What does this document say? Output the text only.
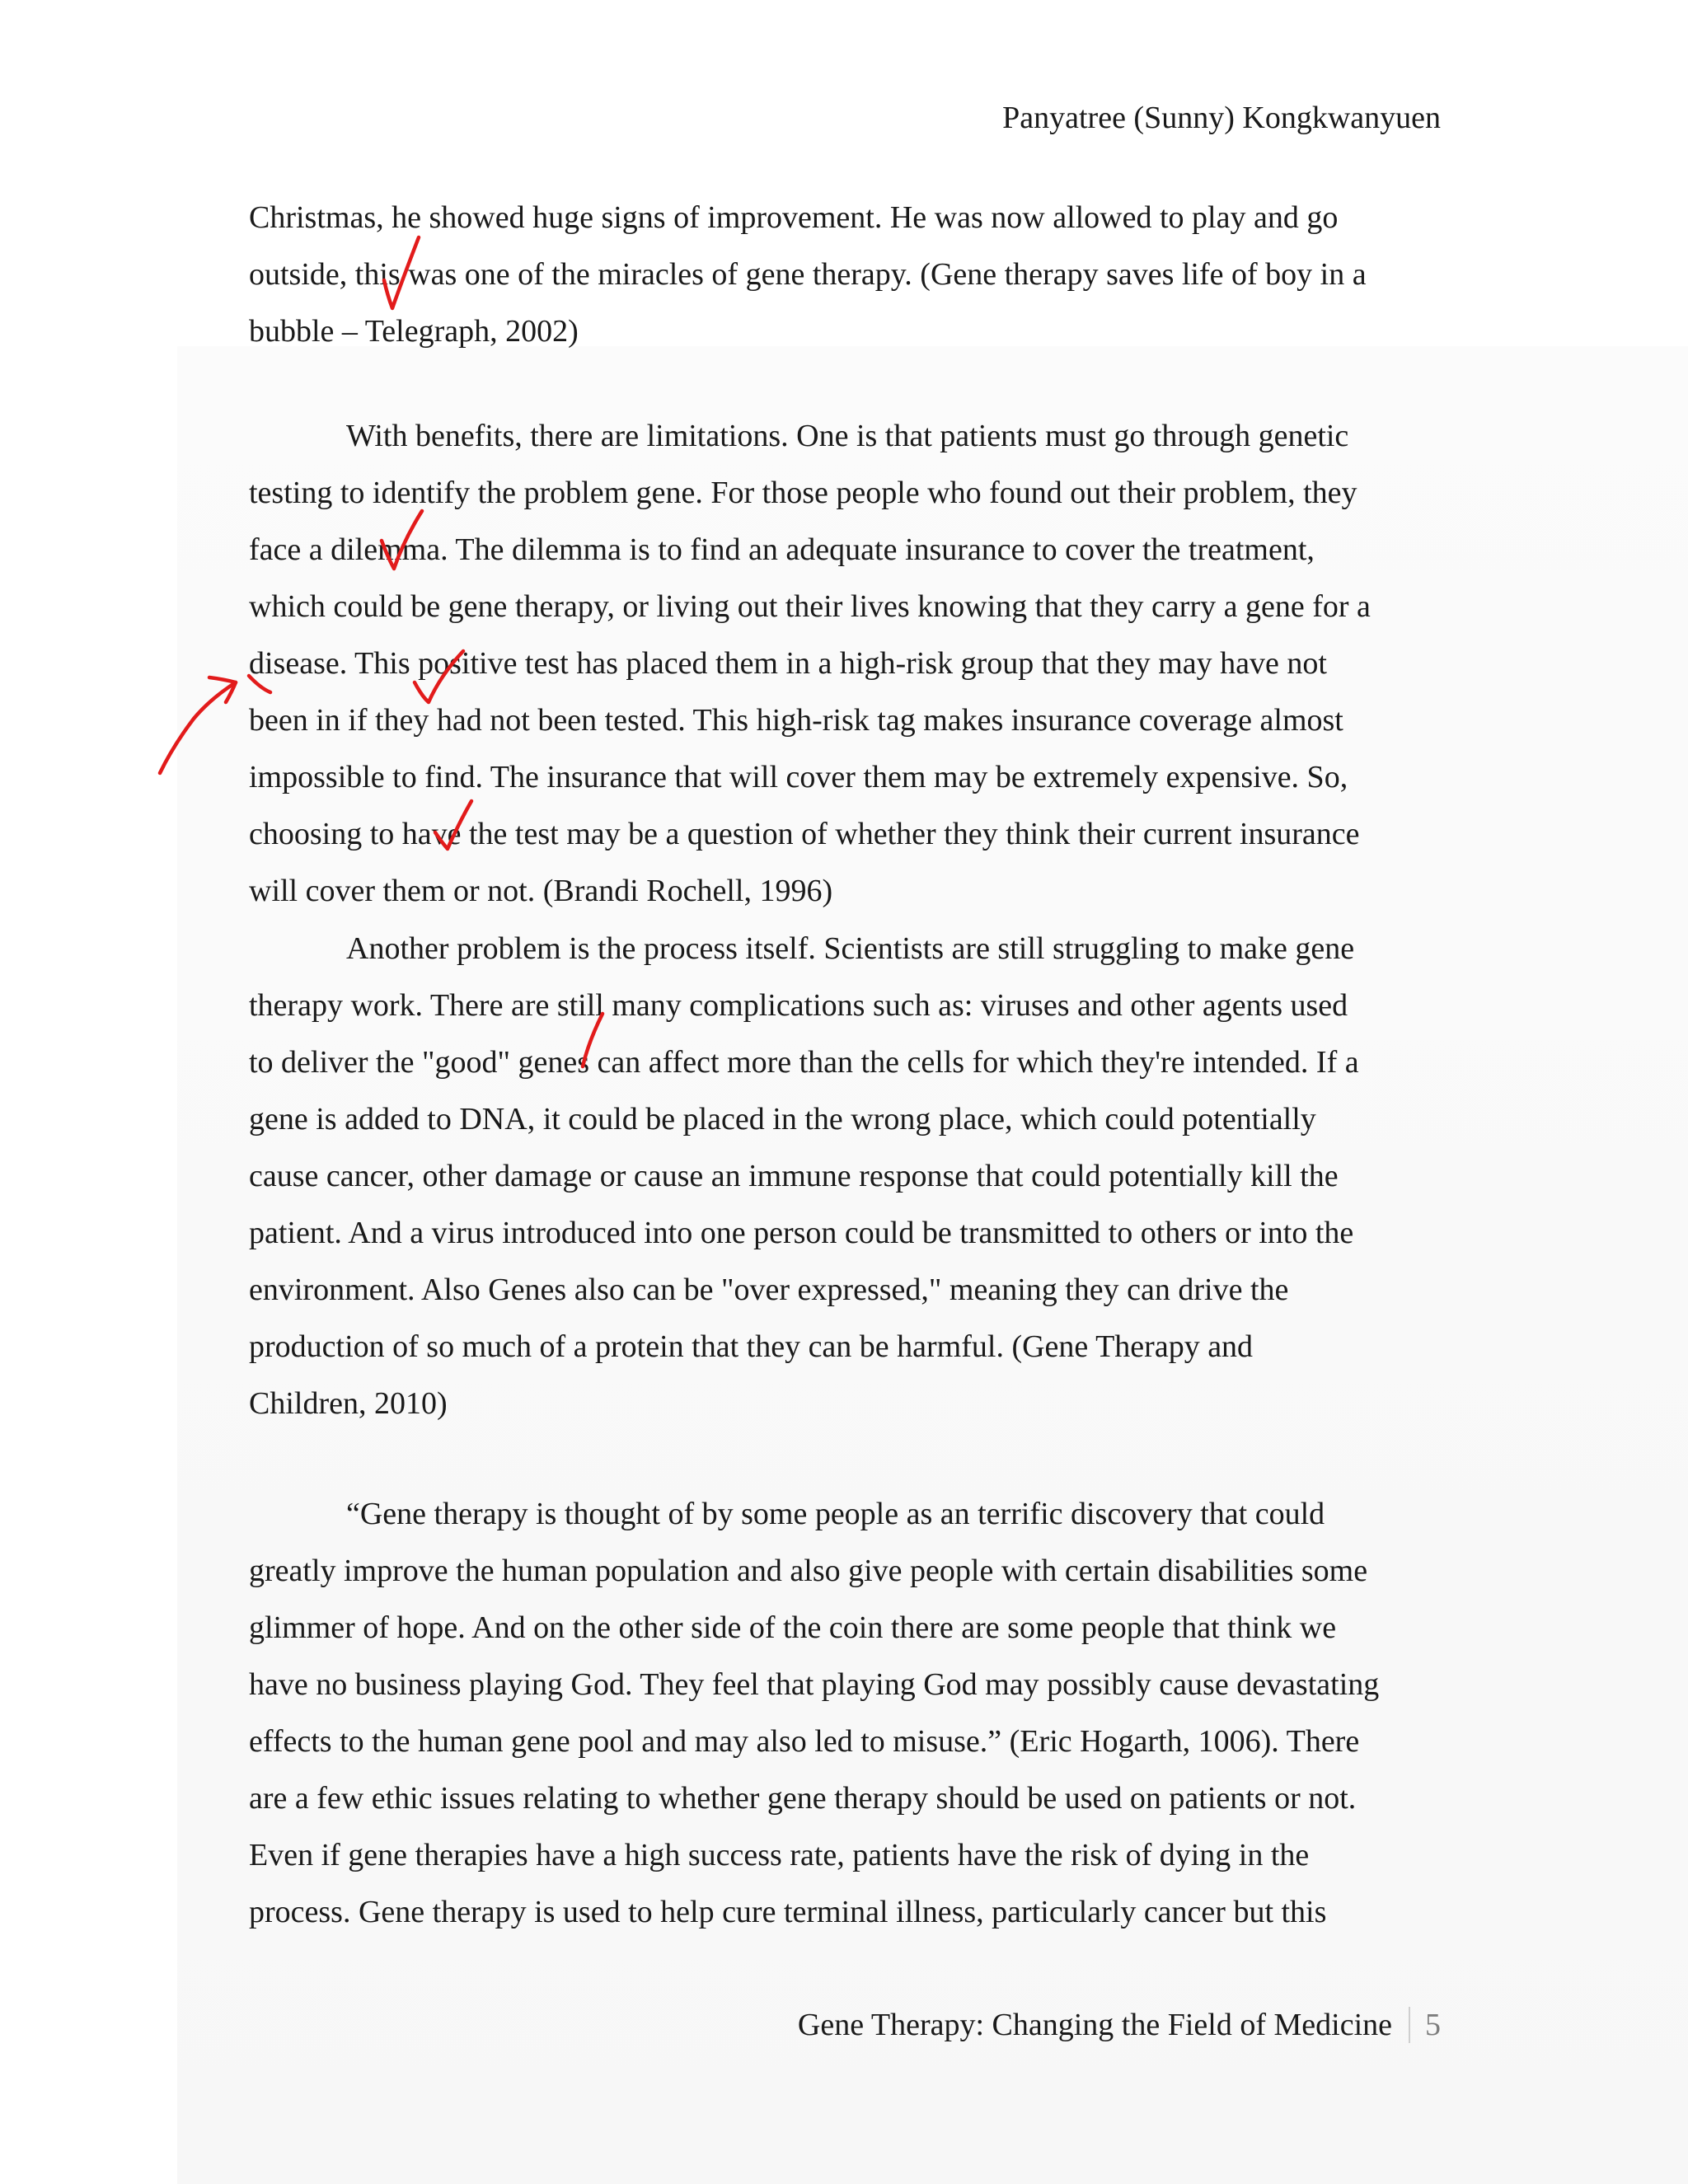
Panyatree (Sunny) Kongkwanyuen
Christmas, he showed huge signs of improvement. He was now allowed to play and go
outside, this was one of the miracles of gene therapy. (Gene therapy saves life of boy in a
bubble – Telegraph, 2002)
With benefits, there are limitations. One is that patients must go through genetic
testing to identify the problem gene. For those people who found out their problem, they
face a dilemma. The dilemma is to find an adequate insurance to cover the treatment,
which could be gene therapy, or living out their lives knowing that they carry a gene for a
disease. This positive test has placed them in a high-risk group that they may have not
been in if they had not been tested. This high-risk tag makes insurance coverage almost
impossible to find. The insurance that will cover them may be extremely expensive. So,
choosing to have the test may be a question of whether they think their current insurance
will cover them or not. (Brandi Rochell, 1996)
Another problem is the process itself. Scientists are still struggling to make gene
therapy work. There are still many complications such as: viruses and other agents used
to deliver the "good" genes can affect more than the cells for which they're intended. If a
gene is added to DNA, it could be placed in the wrong place, which could potentially
cause cancer, other damage or cause an immune response that could potentially kill the
patient. And a virus introduced into one person could be transmitted to others or into the
environment. Also Genes also can be "over expressed," meaning they can drive the
production of so much of a protein that they can be harmful. (Gene Therapy and
Children, 2010)
“Gene therapy is thought of by some people as an terrific discovery that could
greatly improve the human population and also give people with certain disabilities some
glimmer of hope. And on the other side of the coin there are some people that think we
have no business playing God. They feel that playing God may possibly cause devastating
effects to the human gene pool and may also led to misuse.” (Eric Hogarth, 1006). There
are a few ethic issues relating to whether gene therapy should be used on patients or not.
Even if gene therapies have a high success rate, patients have the risk of dying in the
process. Gene therapy is used to help cure terminal illness, particularly cancer but this
Gene Therapy: Changing the Field of Medicine 5
